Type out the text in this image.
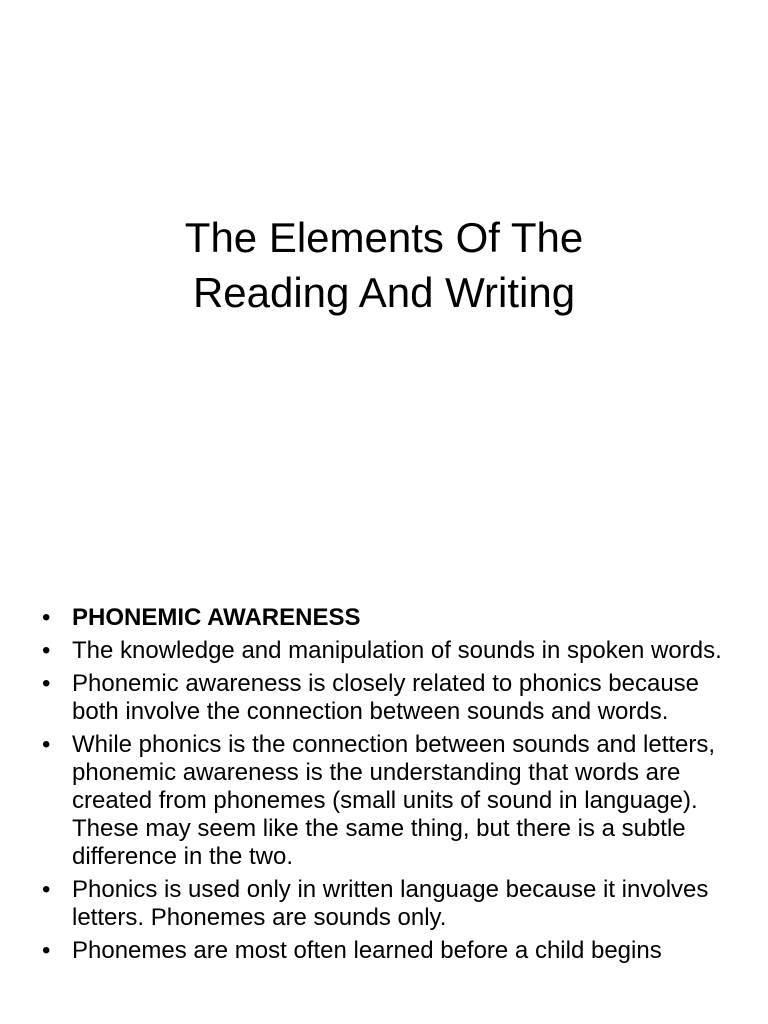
The Elements Of The
Reading And Writing
• PHONEMIC AWARENESS
• The knowledge and manipulation of sounds in spoken words.
• Phonemic awareness is closely related to phonics because both involve the connection between sounds and words.
• While phonics is the connection between sounds and letters, phonemic awareness is the understanding that words are created from phonemes (small units of sound in language). These may seem like the same thing, but there is a subtle difference in the two.
• Phonics is used only in written language because it involves letters. Phonemes are sounds only.
• Phonemes are most often learned before a child begins
